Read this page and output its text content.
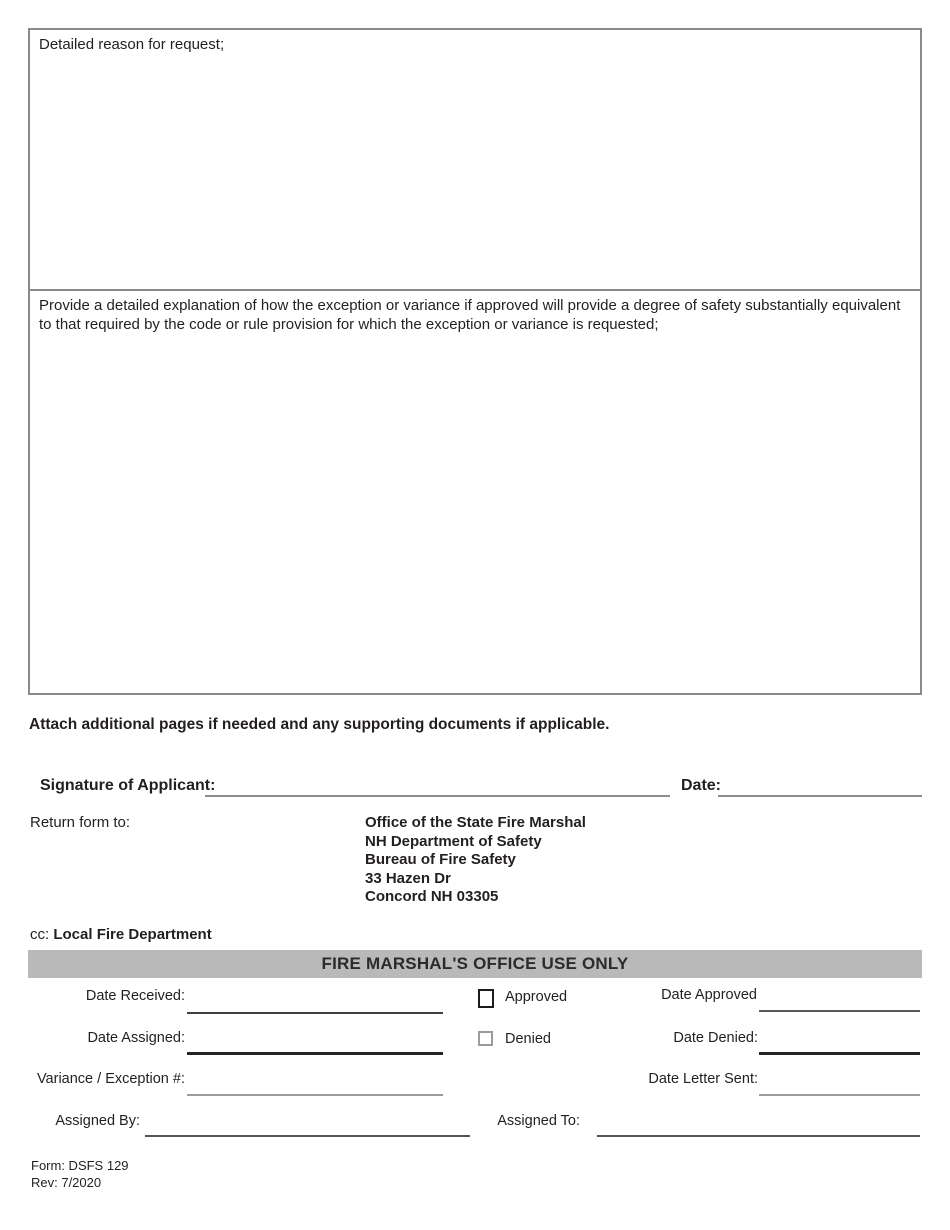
Detailed reason for request;
Provide a detailed explanation of how the exception or variance if approved will provide a degree of safety substantially equivalent to that required by the code or rule provision for which the exception or variance is requested;
Attach additional pages if needed and any supporting documents if applicable.
Signature of Applicant:	Date:
Return form to:	Office of the State Fire Marshal
NH Department of Safety
Bureau of Fire Safety
33 Hazen Dr
Concord NH 03305
cc: Local Fire Department
FIRE MARSHAL'S OFFICE USE ONLY
Date Received:	Approved	Date Approved
Date Assigned:	Denied	Date Denied:
Variance / Exception #:	Date Letter Sent:
Assigned By:	Assigned To:
Form: DSFS 129
Rev: 7/2020
